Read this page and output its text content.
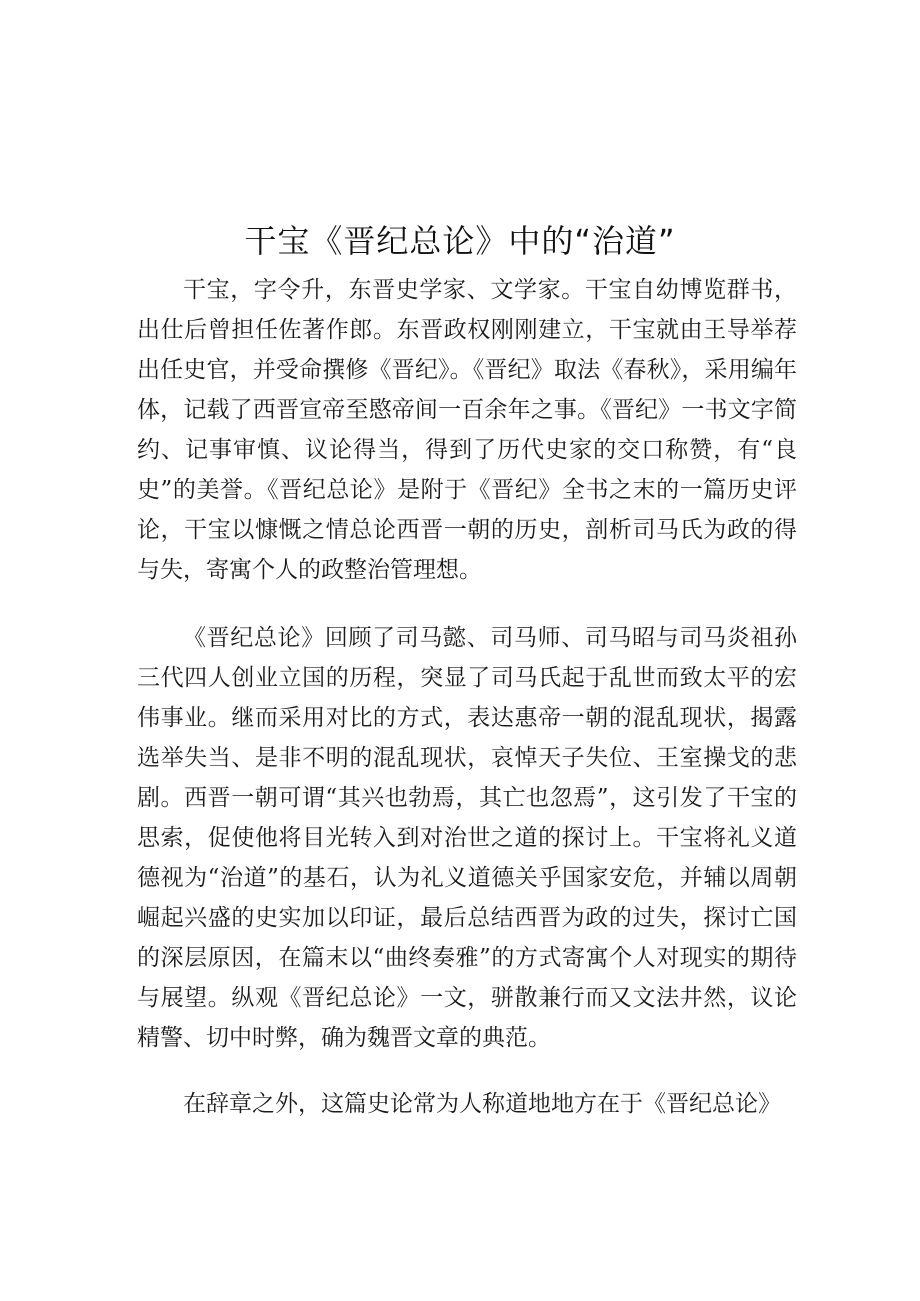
干宝《晋纪总论》中的“治道”

干宝，字令升，东晋史学家、文学家。干宝自幼博览群书，出仕后曾担任佐著作郎。东晋政权刚刚建立，干宝就由王导举荐出任史官，并受命撰修《晋纪》。《晋纪》取法《春秋》，采用编年体，记载了西晋宣帝至愍帝间一百余年之事。《晋纪》一书文字简约、记事审慎、议论得当，得到了历代史家的交口称赞，有“良史”的美誉。《晋纪总论》是附于《晋纪》全书之末的一篇历史评论，干宝以慷慨之情总论西晋一朝的历史，剖析司马氏为政的得与失，寄寓个人的政整治管理想。

《晋纪总论》回顾了司马懿、司马师、司马昭与司马炎祖孙三代四人创业立国的历程，突显了司马氏起于乱世而致太平的宏伟事业。继而采用对比的方式，表达惠帝一朝的混乱现状，揭露选举失当、是非不明的混乱现状，哀悼天子失位、王室操戈的悲剧。西晋一朝可谓“其兴也勃焉，其亡也忽焉”，这引发了干宝的思索，促使他将目光转入到对治世之道的探讨上。干宝将礼义道德视为“治道”的基石，认为礼义道德关乎国家安危，并辅以周朝崛起兴盛的史实加以印证，最后总结西晋为政的过失，探讨亡国的深层原因，在篇末以“曲终奏雅”的方式寄寓个人对现实的期待与展望。纵观《晋纪总论》一文，骈散兼行而又文法井然，议论精警、切中时弊，确为魏晋文章的典范。

在辞章之外，这篇史论常为人称道地地方在于《晋纪总论》
